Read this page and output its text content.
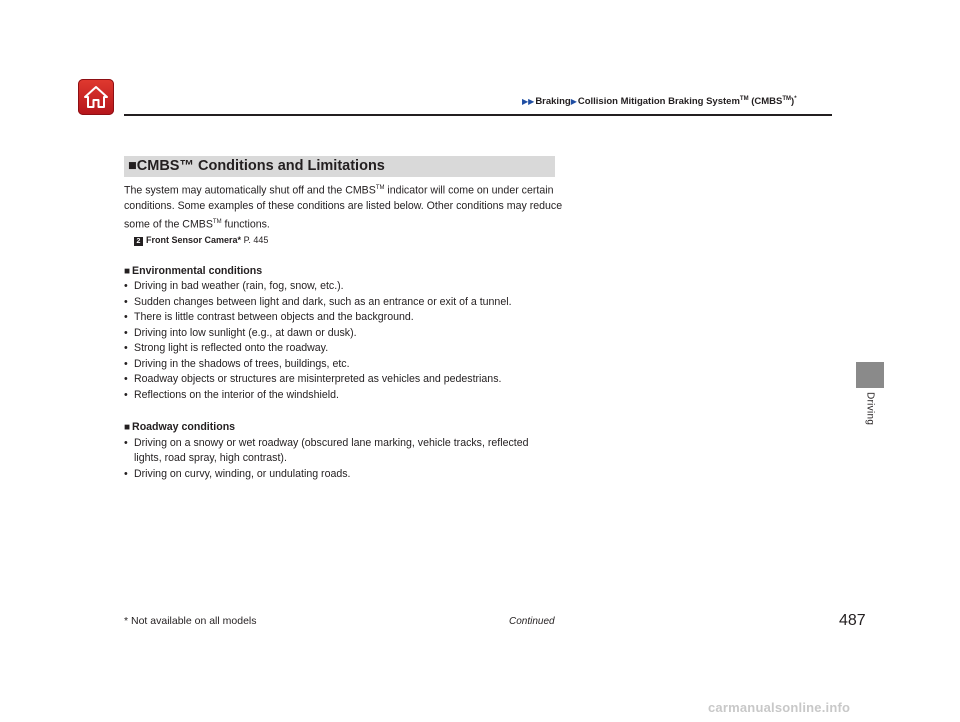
▶▶Braking▶Collision Mitigation Braking System™ (CMBS™)*
Driving
■CMBS™ Conditions and Limitations

The system may automatically shut off and the CMBS™ indicator will come on under certain conditions. Some examples of these conditions are listed below. Other conditions may reduce some of the CMBS™ functions.

2 Front Sensor Camera* P. 445
■ Environmental conditions
• Driving in bad weather (rain, fog, snow, etc.).
• Sudden changes between light and dark, such as an entrance or exit of a tunnel.
• There is little contrast between objects and the background.
• Driving into low sunlight (e.g., at dawn or dusk).
• Strong light is reflected onto the roadway.
• Driving in the shadows of trees, buildings, etc.
• Roadway objects or structures are misinterpreted as vehicles and pedestrians.
• Reflections on the interior of the windshield.
■ Roadway conditions
• Driving on a snowy or wet roadway (obscured lane marking, vehicle tracks, reflected lights, road spray, high contrast).
• Driving on curvy, winding, or undulating roads.
* Not available on all models	Continued	487
carmanualsonline.info
